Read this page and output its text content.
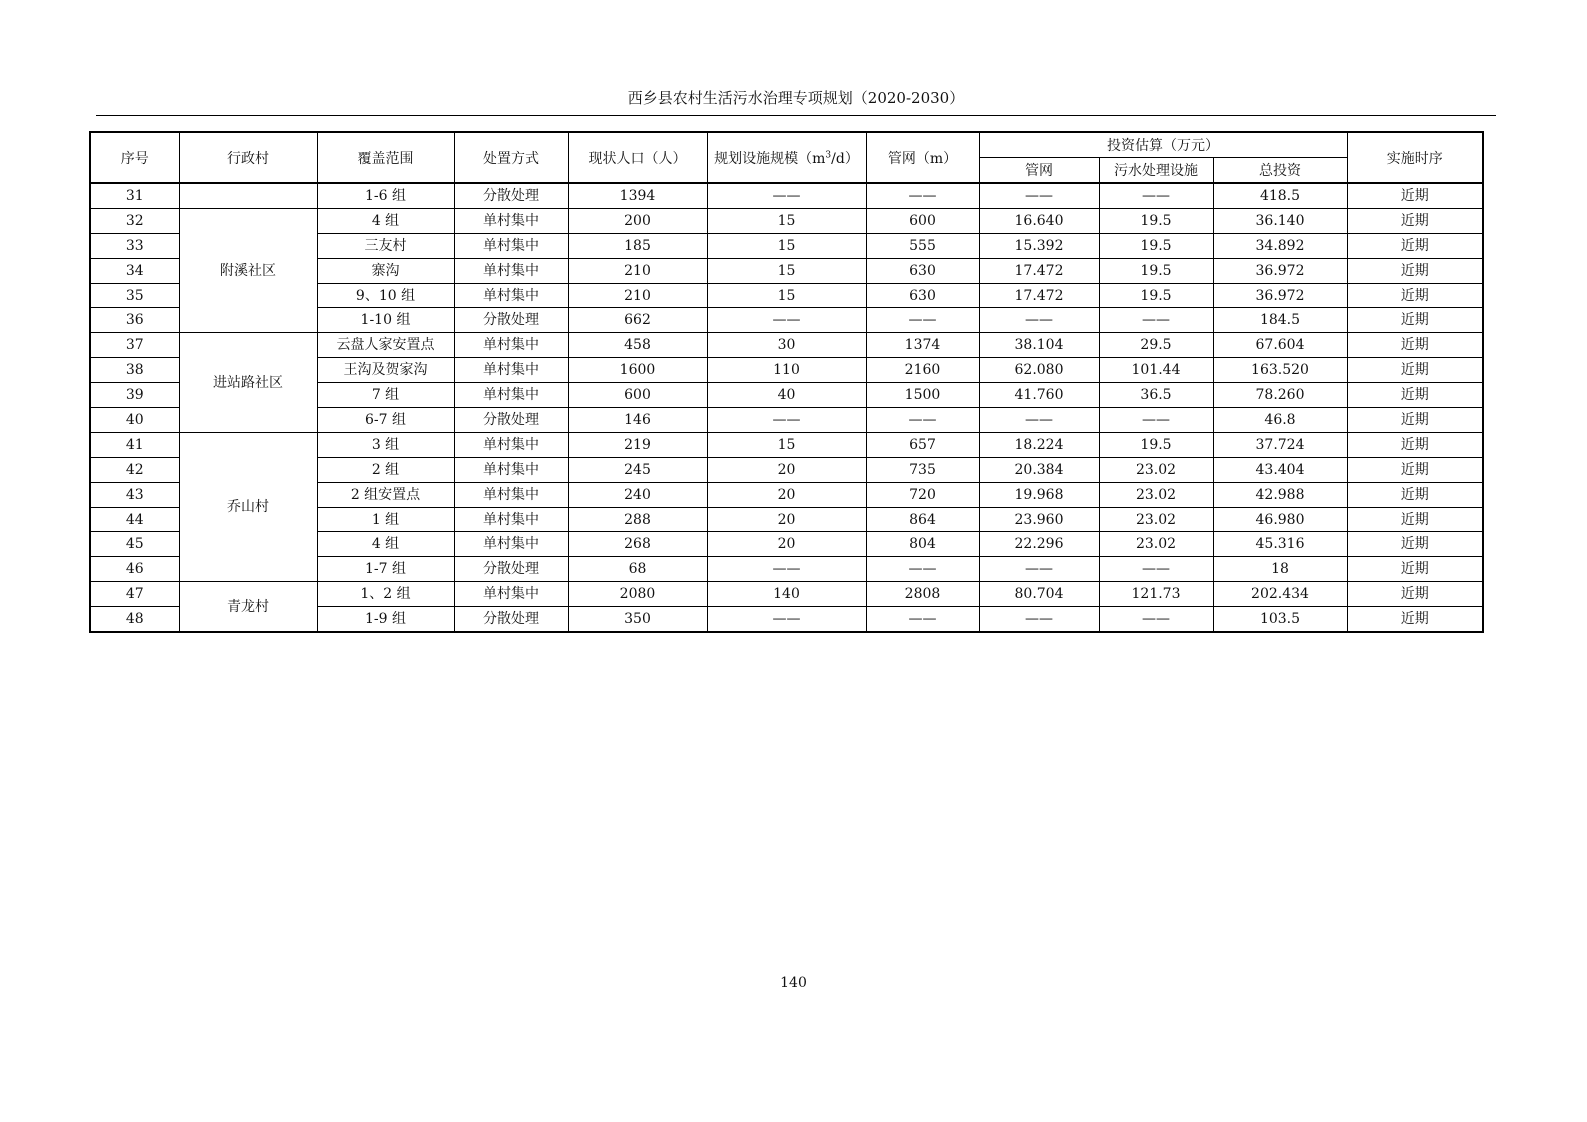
西乡县农村生活污水治理专项规划（2020-2030）
序号	行政村	覆盖范围	处置方式	现状人口（人）	规划设施规模$(m^3/d)$	管网（m）	投资估算（万元）			实施时序
							管网	污水处理设施	总投资	
31		1-6 组	分散处理	1394	——	——	——	——	418.5	近期
32	附溪社区	4 组	单村集中	200	15	600	16.640	19.5	36.140	近期
33		三友村	单村集中	185	15	555	15.392	19.5	34.892	近期
34		寨沟	单村集中	210	15	630	17.472	19.5	36.972	近期
35		9、10 组	单村集中	210	15	630	17.472	19.5	36.972	近期
36		1-10 组	分散处理	662	——	——	——	——	184.5	近期
37	进站路社区	云盘人家安置点	单村集中	458	30	1374	38.104	29.5	67.604	近期
38		王沟及贺家沟	单村集中	1600	110	2160	62.080	101.44	163.520	近期
39		7 组	单村集中	600	40	1500	41.760	36.5	78.260	近期
40		6-7 组	分散处理	146	——	——	——	——	46.8	近期
41	乔山村	3 组	单村集中	219	15	657	18.224	19.5	37.724	近期
42		2 组	单村集中	245	20	735	20.384	23.02	43.404	近期
43		2 组安置点	单村集中	240	20	720	19.968	23.02	42.988	近期
44		1 组	单村集中	288	20	864	23.960	23.02	46.980	近期
45		4 组	单村集中	268	20	804	22.296	23.02	45.316	近期
46		1-7 组	分散处理	68	——	——	——	——	18	近期
47	青龙村	1、2 组	单村集中	2080	140	2808	80.704	121.73	202.434	近期
48		1-9 组	分散处理	350	——	——	——	——	103.5	近期
140
